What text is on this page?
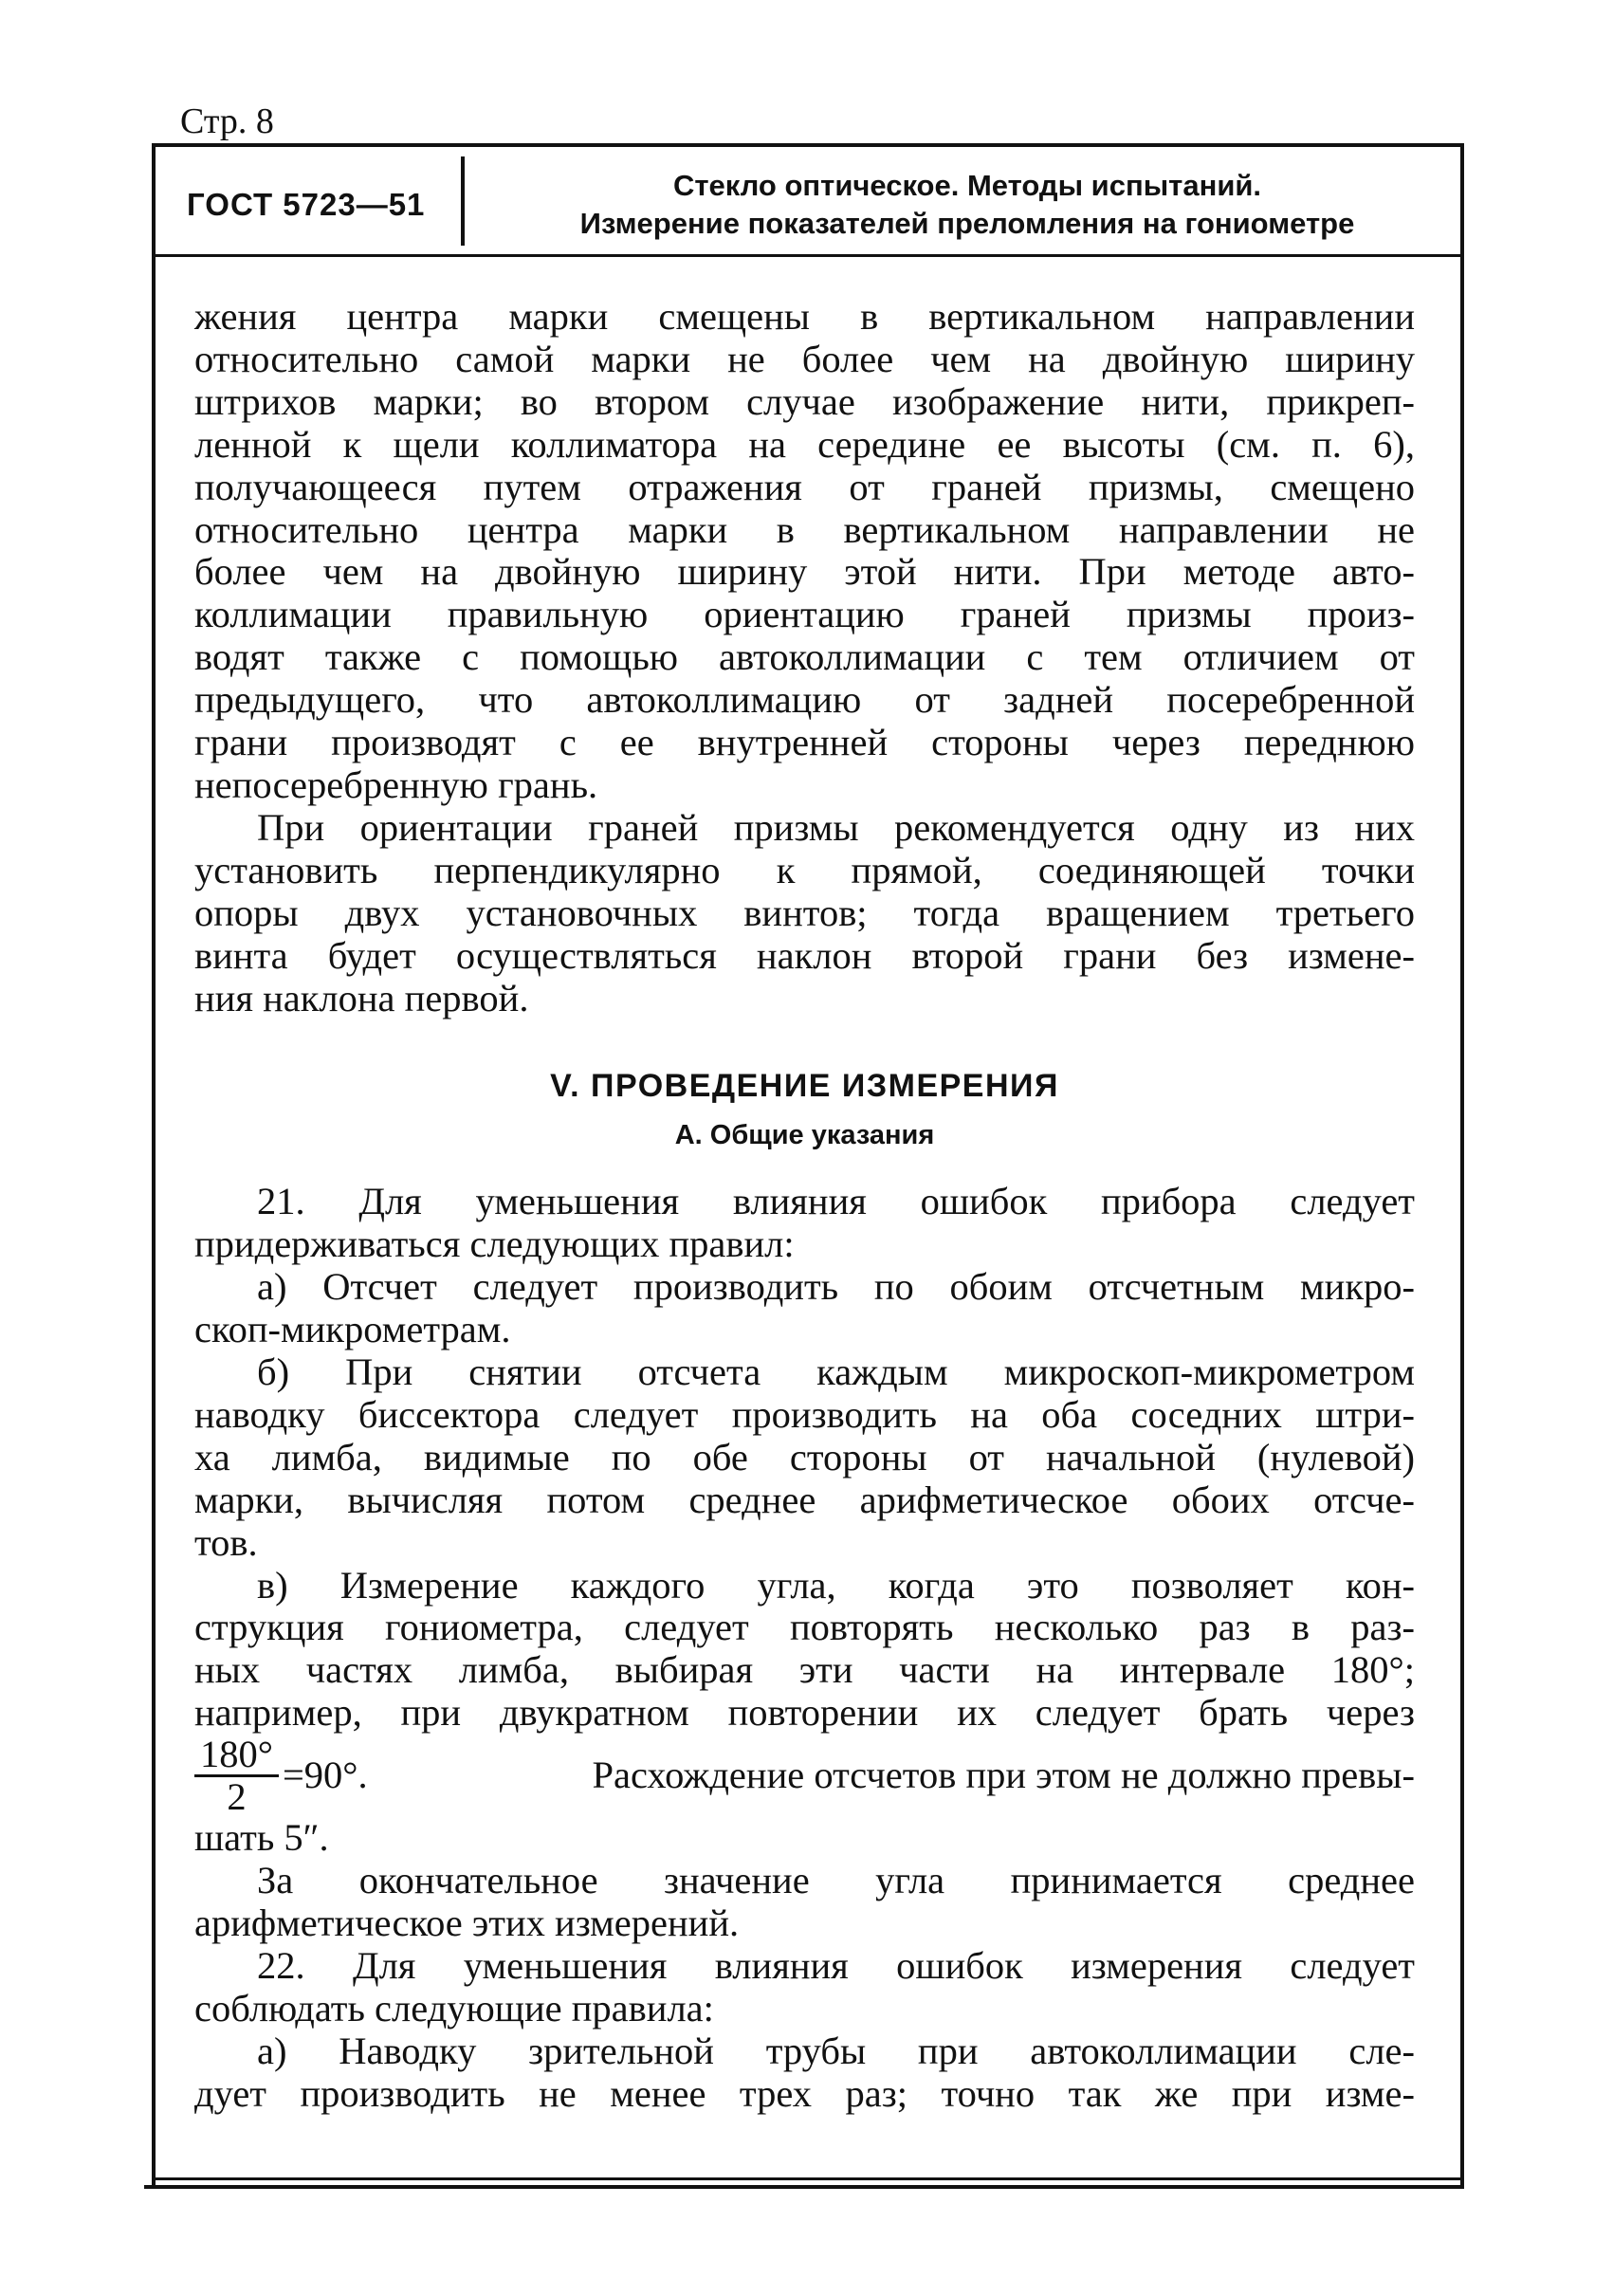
Стр. 8
ГОСТ 5723—51
Стекло оптическое. Методы испытаний.
Измерение показателей преломления на гониометре
жения центра марки смещены в вертикальном направлении
относительно самой марки не более чем на двойную ширину
штрихов марки; во втором случае изображение нити, прикреп-
ленной к щели коллиматора на середине ее высоты (см. п. 6),
получающееся путем отражения от граней призмы, смещено
относительно центра марки в вертикальном направлении не
более чем на двойную ширину этой нити. При методе авто-
коллимации правильную ориентацию граней призмы произ-
водят также с помощью автоколлимации с тем отличием от
предыдущего, что автоколлимацию от задней посеребренной
грани производят с ее внутренней стороны через переднюю
непосеребренную грань.
При ориентации граней призмы рекомендуется одну из них
установить перпендикулярно к прямой, соединяющей точки
опоры двух установочных винтов; тогда вращением третьего
винта будет осуществляться наклон второй грани без измене-
ния наклона первой.
V. ПРОВЕДЕНИЕ ИЗМЕРЕНИЯ
А. Общие указания
21. Для уменьшения влияния ошибок прибора следует
придерживаться следующих правил:
а) Отсчет следует производить по обоим отсчетным микро-
скоп-микрометрам.
б) При снятии отсчета каждым микроскоп-микрометром
наводку биссектора следует производить на оба соседних штри-
ха лимба, видимые по обе стороны от начальной (нулевой)
марки, вычисляя потом среднее арифметическое обоих отсче-
тов.
в) Измерение каждого угла, когда это позволяет кон-
струкция гониометра, следует повторять несколько раз в раз-
ных частях лимба, выбирая эти части на интервале 180°;
например, при двукратном повторении их следует брать через
$\frac{180^\circ}{2} =90^\circ$.	Расхождение отсчетов при этом не должно превы-
шать 5″.
За окончательное значение угла принимается среднее
арифметическое этих измерений.
22. Для уменьшения влияния ошибок измерения следует
соблюдать следующие правила:
а) Наводку зрительной трубы при автоколлимации сле-
дует производить не менее трех раз; точно так же при изме-
